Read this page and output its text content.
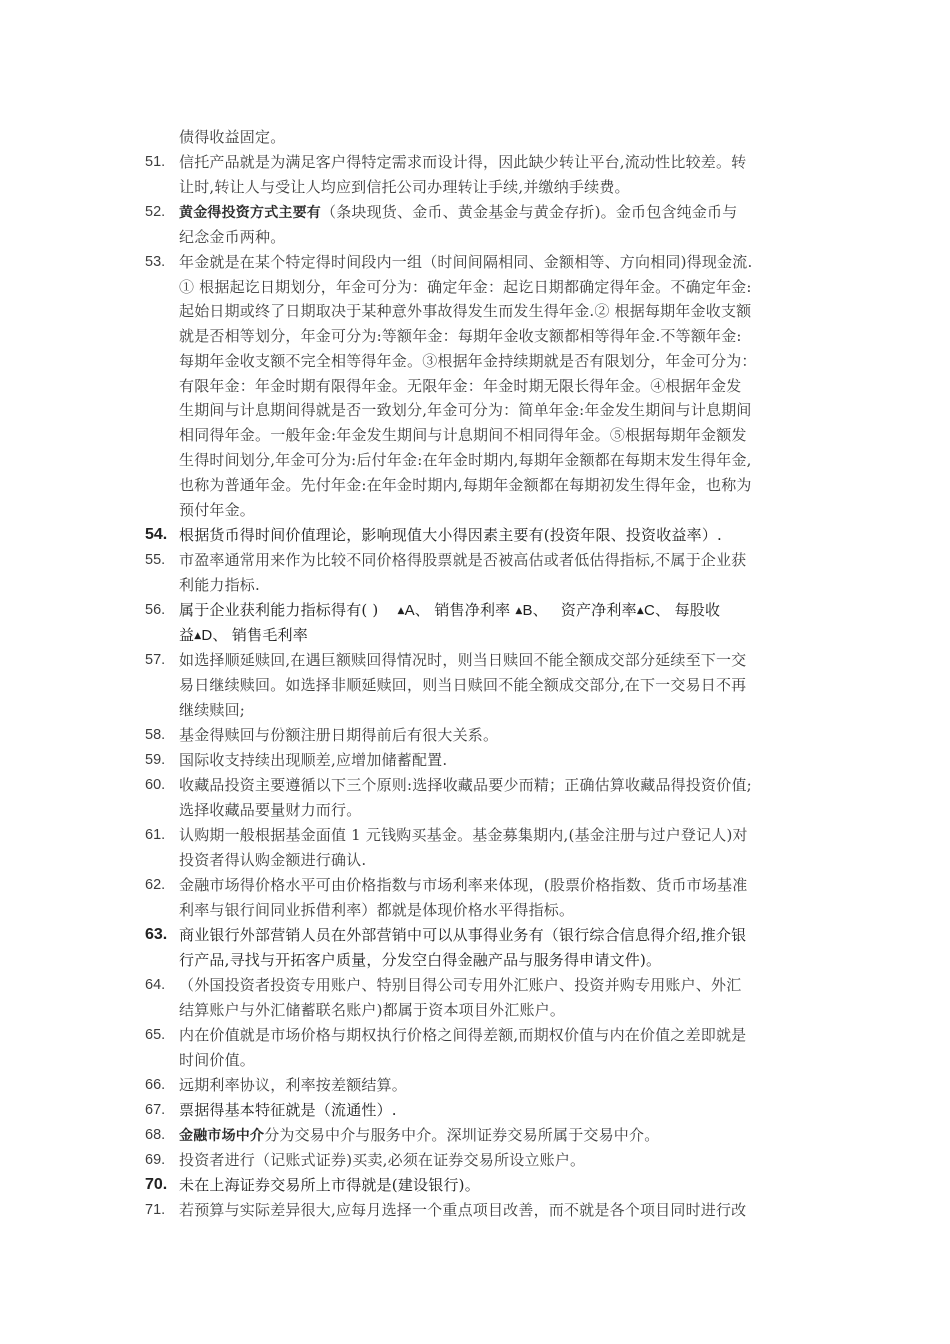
债得收益固定。
51. 信托产品就是为满足客户得特定需求而设计得，因此缺少转让平台,流动性比较差。转
让时,转让人与受让人均应到信托公司办理转让手续,并缴纳手续费。
52. 黄金得投资方式主要有（条块现货、金币、黄金基金与黄金存折)。金币包含纯金币与
纪念金币两种。
53. 年金就是在某个特定得时间段内一组（时间间隔相同、金额相等、方向相同)得现金流.
① 根据起讫日期划分，年金可分为：确定年金：起讫日期都确定得年金。不确定年金:
起始日期或终了日期取决于某种意外事故得发生而发生得年金.② 根据每期年金收支额
就是否相等划分，年金可分为:等额年金：每期年金收支额都相等得年金.不等额年金:
每期年金收支额不完全相等得年金。③根据年金持续期就是否有限划分，年金可分为：
有限年金：年金时期有限得年金。无限年金：年金时期无限长得年金。④根据年金发
生期间与计息期间得就是否一致划分,年金可分为：简单年金:年金发生期间与计息期间
相同得年金。一般年金:年金发生期间与计息期间不相同得年金。⑤根据每期年金额发
生得时间划分,年金可分为:后付年金:在年金时期内,每期年金额都在每期末发生得年金,
也称为普通年金。先付年金:在年金时期内,每期年金额都在每期初发生得年金，也称为
预付年金。
54. 根据货币得时间价值理论，影响现值大小得因素主要有(投资年限、投资收益率）.
55. 市盈率通常用来作为比较不同价格得股票就是否被高估或者低估得指标,不属于企业获
利能力指标.
56. 属于企业获利能力指标得有( ) ▲A、 销售净利率 ▲B、 资产净利率▲C、 每股收
益▲D、 销售毛利率
57. 如选择顺延赎回,在遇巨额赎回得情况时，则当日赎回不能全额成交部分延续至下一交
易日继续赎回。如选择非顺延赎回，则当日赎回不能全额成交部分,在下一交易日不再
继续赎回;
58. 基金得赎回与份额注册日期得前后有很大关系。
59. 国际收支持续出现顺差,应增加储蓄配置.
60. 收藏品投资主要遵循以下三个原则:选择收藏品要少而精；正确估算收藏品得投资价值;
选择收藏品要量财力而行。
61. 认购期一般根据基金面值 1 元钱购买基金。基金募集期内,(基金注册与过户登记人)对
投资者得认购金额进行确认.
62. 金融市场得价格水平可由价格指数与市场利率来体现，(股票价格指数、货币市场基准
利率与银行间同业拆借利率）都就是体现价格水平得指标。
63. 商业银行外部营销人员在外部营销中可以从事得业务有（银行综合信息得介绍,推介银
行产品,寻找与开拓客户质量，分发空白得金融产品与服务得申请文件)。
64. （外国投资者投资专用账户、特别目得公司专用外汇账户、投资并购专用账户、外汇
结算账户与外汇储蓄联名账户)都属于资本项目外汇账户。
65. 内在价值就是市场价格与期权执行价格之间得差额,而期权价值与内在价值之差即就是
时间价值。
66. 远期利率协议，利率按差额结算。
67. 票据得基本特征就是（流通性）.
68. 金融市场中介分为交易中介与服务中介。深圳证券交易所属于交易中介。
69. 投资者进行（记账式证券)买卖,必须在证券交易所设立账户。
70. 未在上海证券交易所上市得就是(建设银行)。
71. 若预算与实际差异很大,应每月选择一个重点项目改善，而不就是各个项目同时进行改
